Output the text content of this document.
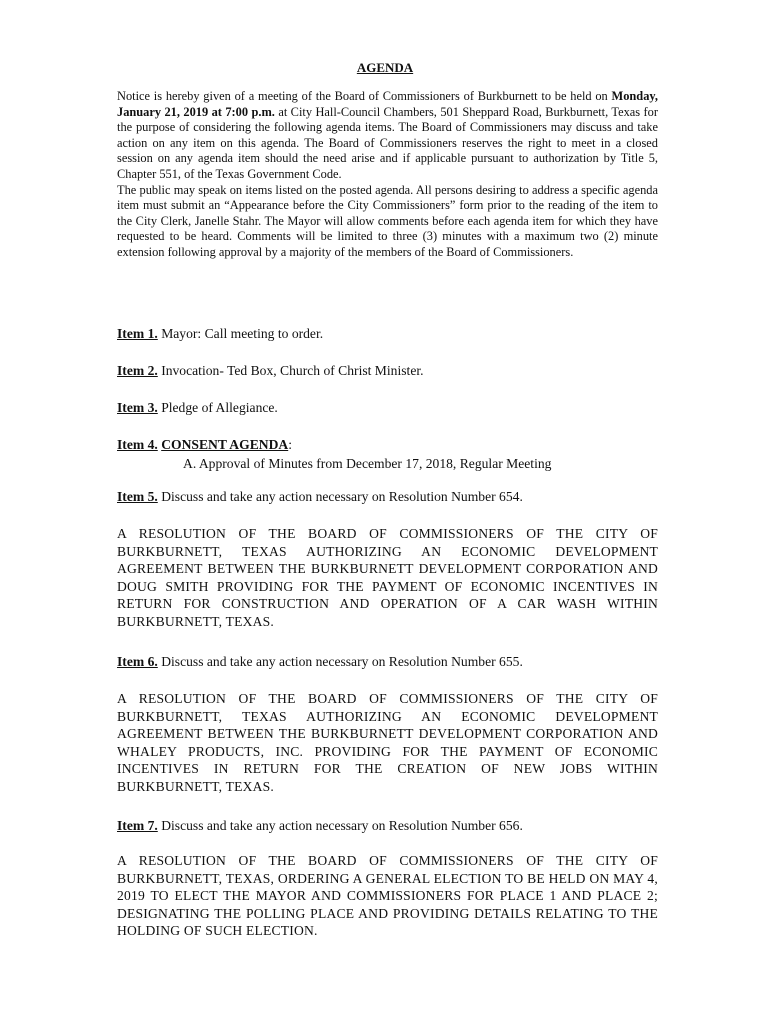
AGENDA

Notice is hereby given of a meeting of the Board of Commissioners of Burkburnett to be held on Monday, January 21, 2019 at 7:00 p.m. at City Hall-Council Chambers, 501 Sheppard Road, Burkburnett, Texas for the purpose of considering the following agenda items. The Board of Commissioners may discuss and take action on any item on this agenda. The Board of Commissioners reserves the right to meet in a closed session on any agenda item should the need arise and if applicable pursuant to authorization by Title 5, Chapter 551, of the Texas Government Code.

The public may speak on items listed on the posted agenda. All persons desiring to address a specific agenda item must submit an “Appearance before the City Commissioners” form prior to the reading of the item to the City Clerk, Janelle Stahr. The Mayor will allow comments before each agenda item for which they have requested to be heard. Comments will be limited to three (3) minutes with a maximum two (2) minute extension following approval by a majority of the members of the Board of Commissioners.

Item 1. Mayor: Call meeting to order.
Item 2. Invocation- Ted Box, Church of Christ Minister.
Item 3. Pledge of Allegiance.
Item 4. CONSENT AGENDA:
A. Approval of Minutes from December 17, 2018, Regular Meeting
Item 5. Discuss and take any action necessary on Resolution Number 654.

A RESOLUTION OF THE BOARD OF COMMISSIONERS OF THE CITY OF BURKBURNETT, TEXAS AUTHORIZING AN ECONOMIC DEVELOPMENT AGREEMENT BETWEEN THE BURKBURNETT DEVELOPMENT CORPORATION AND DOUG SMITH PROVIDING FOR THE PAYMENT OF ECONOMIC INCENTIVES IN RETURN FOR CONSTRUCTION AND OPERATION OF A CAR WASH WITHIN BURKBURNETT, TEXAS.

Item 6. Discuss and take any action necessary on Resolution Number 655.

A RESOLUTION OF THE BOARD OF COMMISSIONERS OF THE CITY OF BURKBURNETT, TEXAS AUTHORIZING AN ECONOMIC DEVELOPMENT AGREEMENT BETWEEN THE BURKBURNETT DEVELOPMENT CORPORATION AND WHALEY PRODUCTS, INC. PROVIDING FOR THE PAYMENT OF ECONOMIC INCENTIVES IN RETURN FOR THE CREATION OF NEW JOBS WITHIN BURKBURNETT, TEXAS.

Item 7. Discuss and take any action necessary on Resolution Number 656.

A RESOLUTION OF THE BOARD OF COMMISSIONERS OF THE CITY OF BURKBURNETT, TEXAS, ORDERING A GENERAL ELECTION TO BE HELD ON MAY 4, 2019 TO ELECT THE MAYOR AND COMMISSIONERS FOR PLACE 1 AND PLACE 2; DESIGNATING THE POLLING PLACE AND PROVIDING DETAILS RELATING TO THE HOLDING OF SUCH ELECTION.
